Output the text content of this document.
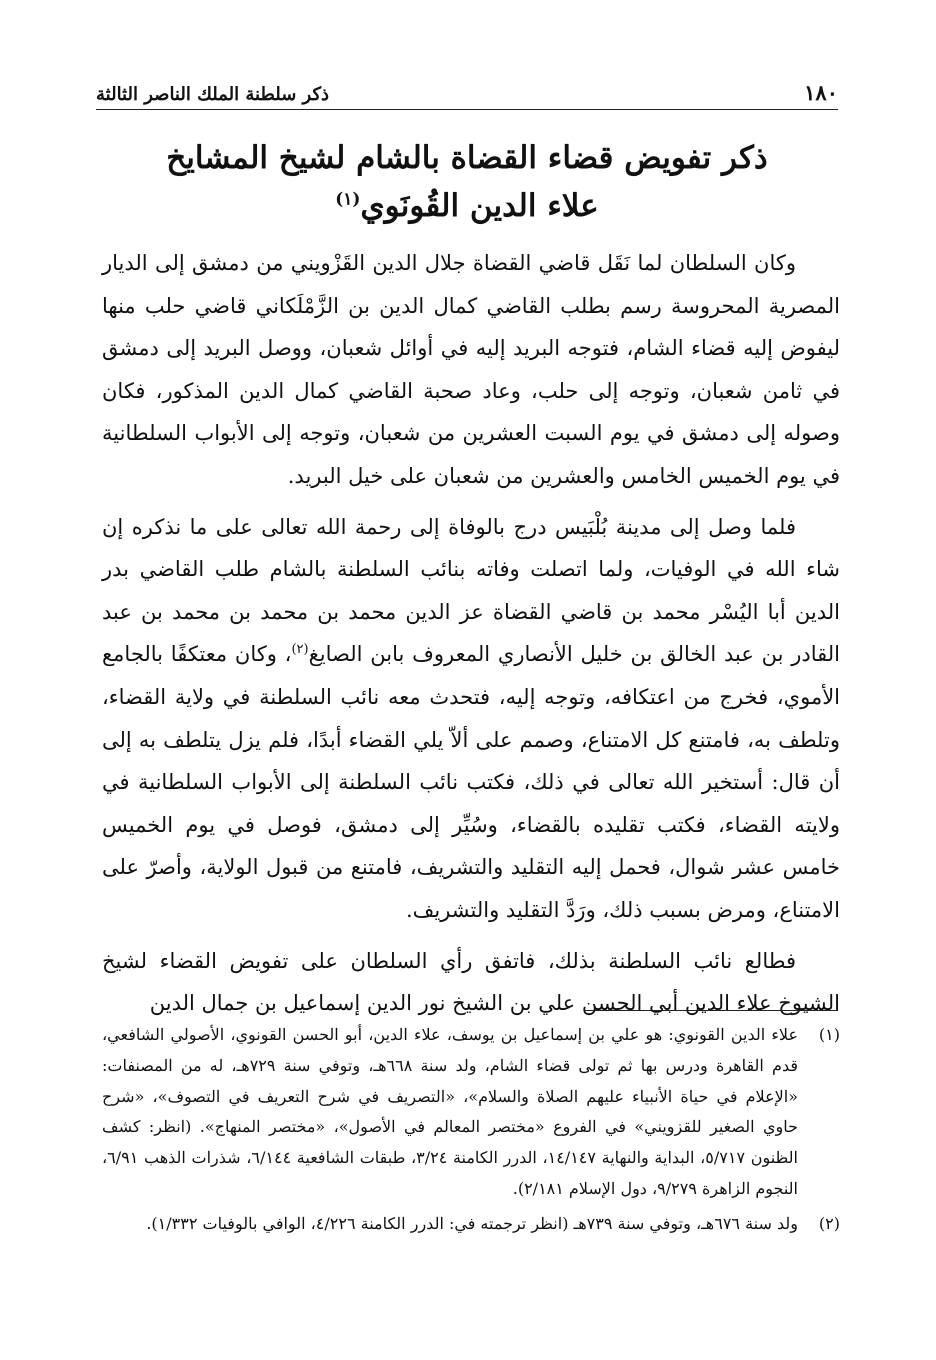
١٨٠
ذكر سلطنة الملك الناصر الثالثة
ذكر تفويض قضاء القضاة بالشام لشيخ المشايخ
علاء الدين القُونَوي$^{(١)}$

وكان السلطان لما نَقَل قاضي القضاة جلال الدين القَزْويني من دمشق إلى الديار المصرية المحروسة رسم بطلب القاضي كمال الدين بن الزَّمْلَكاني قاضي حلب منها ليفوض إليه قضاء الشام، فتوجه البريد إليه في أوائل شعبان، ووصل البريد إلى دمشق في ثامن شعبان، وتوجه إلى حلب، وعاد صحبة القاضي كمال الدين المذكور، فكان وصوله إلى دمشق في يوم السبت العشرين من شعبان، وتوجه إلى الأبواب السلطانية في يوم الخميس الخامس والعشرين من شعبان على خيل البريد.

فلما وصل إلى مدينة بُلْبَيس درج بالوفاة إلى رحمة الله تعالى على ما نذكره إن شاء الله في الوفيات، ولما اتصلت وفاته بنائب السلطنة بالشام طلب القاضي بدر الدين أبا اليُسْر محمد بن قاضي القضاة عز الدين محمد بن محمد بن محمد بن عبد القادر بن عبد الخالق بن خليل الأنصاري المعروف بابن الصايغ$^{(٢)}$، وكان معتكفًا بالجامع الأموي، فخرج من اعتكافه، وتوجه إليه، فتحدث معه نائب السلطنة في ولاية القضاء، وتلطف به، فامتنع كل الامتناع، وصمم على ألاّ يلي القضاء أبدًا، فلم يزل يتلطف به إلى أن قال: أستخير الله تعالى في ذلك، فكتب نائب السلطنة إلى الأبواب السلطانية في ولايته القضاء، فكتب تقليده بالقضاء، وسُيِّر إلى دمشق، فوصل في يوم الخميس خامس عشر شوال، فحمل إليه التقليد والتشريف، فامتنع من قبول الولاية، وأصرّ على الامتناع، ومرض بسبب ذلك، ورَدَّ التقليد والتشريف.

فطالع نائب السلطنة بذلك، فاتفق رأي السلطان على تفويض القضاء لشيخ الشيوخ علاء الدين أبي الحسن علي بن الشيخ نور الدين إسماعيل بن جمال الدين

(١)
علاء الدين القونوي: هو علي بن إسماعيل بن يوسف، علاء الدين، أبو الحسن القونوي، الأصولي الشافعي، قدم القاهرة ودرس بها ثم تولى قضاء الشام، ولد سنة ٦٦٨هـ، وتوفي سنة ٧٢٩هـ، له من المصنفات: «الإعلام في حياة الأنبياء عليهم الصلاة والسلام»، «التصريف في شرح التعريف في التصوف»، «شرح حاوي الصغير للقزويني» في الفروع «مختصر المعالم في الأصول»، «مختصر المنهاج». (انظر: كشف الظنون ٥/٧١٧، البداية والنهاية ١٤/١٤٧، الدرر الكامنة ٣/٢٤، طبقات الشافعية ٦/١٤٤، شذرات الذهب ٦/٩١، النجوم الزاهرة ٩/٢٧٩، دول الإسلام ٢/١٨١).
(٢)
ولد سنة ٦٧٦هـ، وتوفي سنة ٧٣٩هـ (انظر ترجمته في: الدرر الكامنة ٤/٢٢٦، الوافي بالوفيات ١/٣٣٢).
